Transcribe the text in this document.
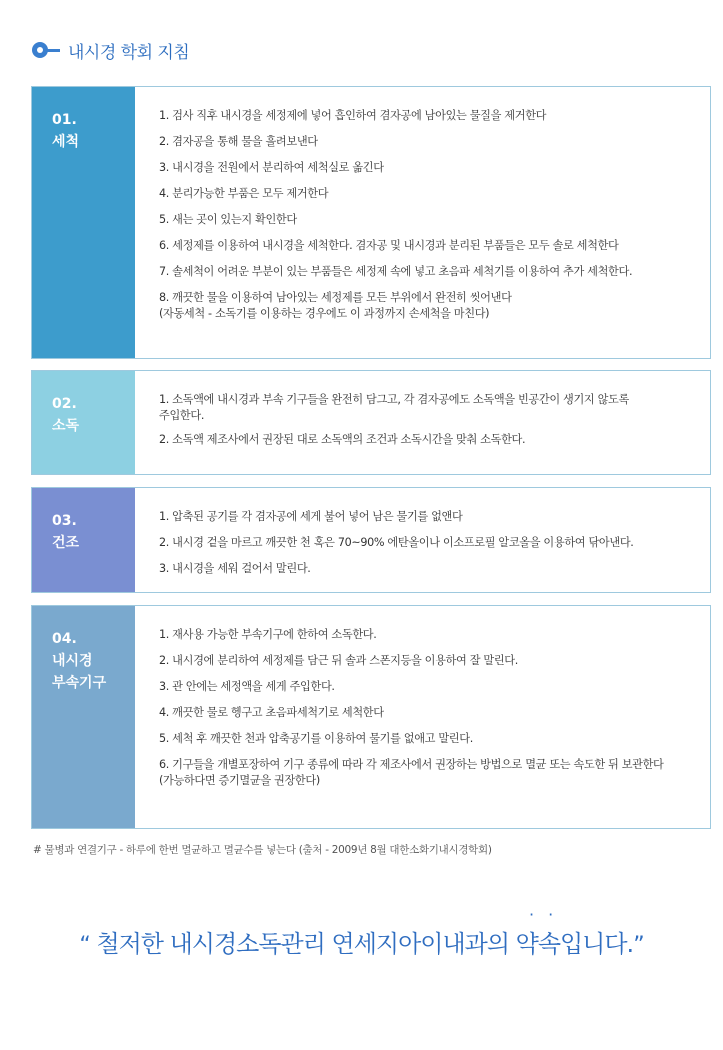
내시경 학회 지침
01.
세척
1. 검사 직후 내시경을 세정제에 넣어 흡인하여 겸자공에 남아있는 물질을 제거한다
2. 겸자공을 통해 물을 흘려보낸다
3. 내시경을 전원에서 분리하여 세척실로 옮긴다
4. 분리가능한 부품은 모두 제거한다
5. 새는 곳이 있는지 확인한다
6. 세정제를 이용하여 내시경을 세척한다. 겸자공 및 내시경과 분리된 부품들은 모두 솔로 세척한다
7. 솔세척이 어려운 부분이 있는 부품들은 세정제 속에 넣고 초음파 세척기를 이용하여 추가 세척한다.
8. 깨끗한 물을 이용하여 남아있는 세정제를 모든 부위에서 완전히 씻어낸다
(자동세척 - 소독기를 이용하는 경우에도 이 과정까지 손세척을 마친다)
02.
소독
1. 소독액에 내시경과 부속 기구들을 완전히 담그고, 각 겸자공에도 소독액을 빈공간이 생기지 않도록
주입한다.
2. 소독액 제조사에서 권장된 대로 소독액의 조건과 소독시간을 맞춰 소독한다.
03.
건조
1. 압축된 공기를 각 겸자공에 세게 불어 넣어 남은 물기를 없앤다
2. 내시경 겉을 마르고 깨끗한 천 혹은 70~90% 에탄올이나 이소프로필 알코올을 이용하여 닦아낸다.
3. 내시경을 세워 걸어서 말린다.
04.
내시경
부속기구
1. 재사용 가능한 부속기구에 한하여 소독한다.
2. 내시경에 분리하여 세정제를 담근 뒤 솔과 스폰지등을 이용하여 잘 말린다.
3. 관 안에는 세정액을 세게 주입한다.
4. 깨끗한 물로 헹구고 초음파세척기로 세척한다
5. 세척 후 깨끗한 천과 압축공기를 이용하여 물기를 없애고 말린다.
6. 기구들을 개별포장하여 기구 종류에 따라 각 제조사에서 권장하는 방법으로 멸균 또는 속도한 뒤 보관한다
(가능하다면 증기멸균을 권장한다)
# 물병과 연결기구 - 하루에 한번 멸균하고 멸균수를 넣는다 (출처 - 2009년 8월 대한소화기내시경학회)
··
“ 철저한 내시경소독관리 연세지아이내과의 약속입니다.”
